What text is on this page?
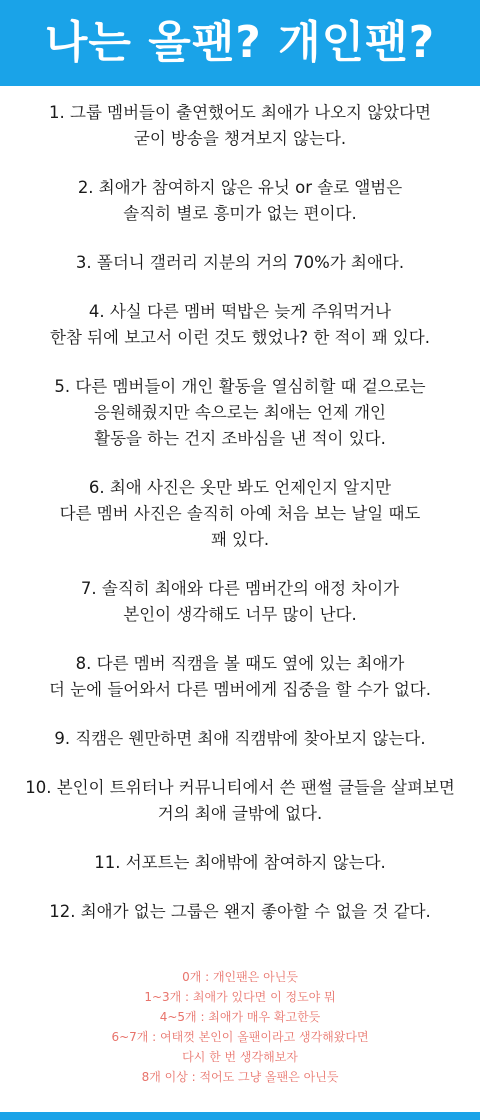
나는 올팬? 개인팬?
1. 그룹 멤버들이 출연했어도 최애가 나오지 않았다면
굳이 방송을 챙겨보지 않는다.
2. 최애가 참여하지 않은 유닛 or 솔로 앨범은
솔직히 별로 흥미가 없는 편이다.
3. 폴더니 갤러리 지분의 거의 70%가 최애다.
4. 사실 다른 멤버 떡밥은 늦게 주워먹거나
한참 뒤에 보고서 이런 것도 했었나? 한 적이 꽤 있다.
5. 다른 멤버들이 개인 활동을 열심히할 때 겉으로는
응원해줬지만 속으로는 최애는 언제 개인
활동을 하는 건지 조바심을 낸 적이 있다.
6. 최애 사진은 옷만 봐도 언제인지 알지만
다른 멤버 사진은 솔직히 아예 처음 보는 날일 때도
꽤 있다.
7. 솔직히 최애와 다른 멤버간의 애정 차이가
본인이 생각해도 너무 많이 난다.
8. 다른 멤버 직캠을 볼 때도 옆에 있는 최애가
더 눈에 들어와서 다른 멤버에게 집중을 할 수가 없다.
9. 직캠은 웬만하면 최애 직캠밖에 찾아보지 않는다.
10. 본인이 트위터나 커뮤니티에서 쓴 팬썰 글들을 살펴보면
거의 최애 글밖에 없다.
11. 서포트는 최애밖에 참여하지 않는다.
12. 최애가 없는 그룹은 왠지 좋아할 수 없을 것 같다.
0개 : 개인팬은 아닌듯
1~3개 : 최애가 있다면 이 정도야 뭐
4~5개 : 최애가 매우 확고한듯
6~7개 : 여태껏 본인이 올팬이라고 생각해왔다면
다시 한 번 생각해보자
8개 이상 : 적어도 그냥 올팬은 아닌듯
